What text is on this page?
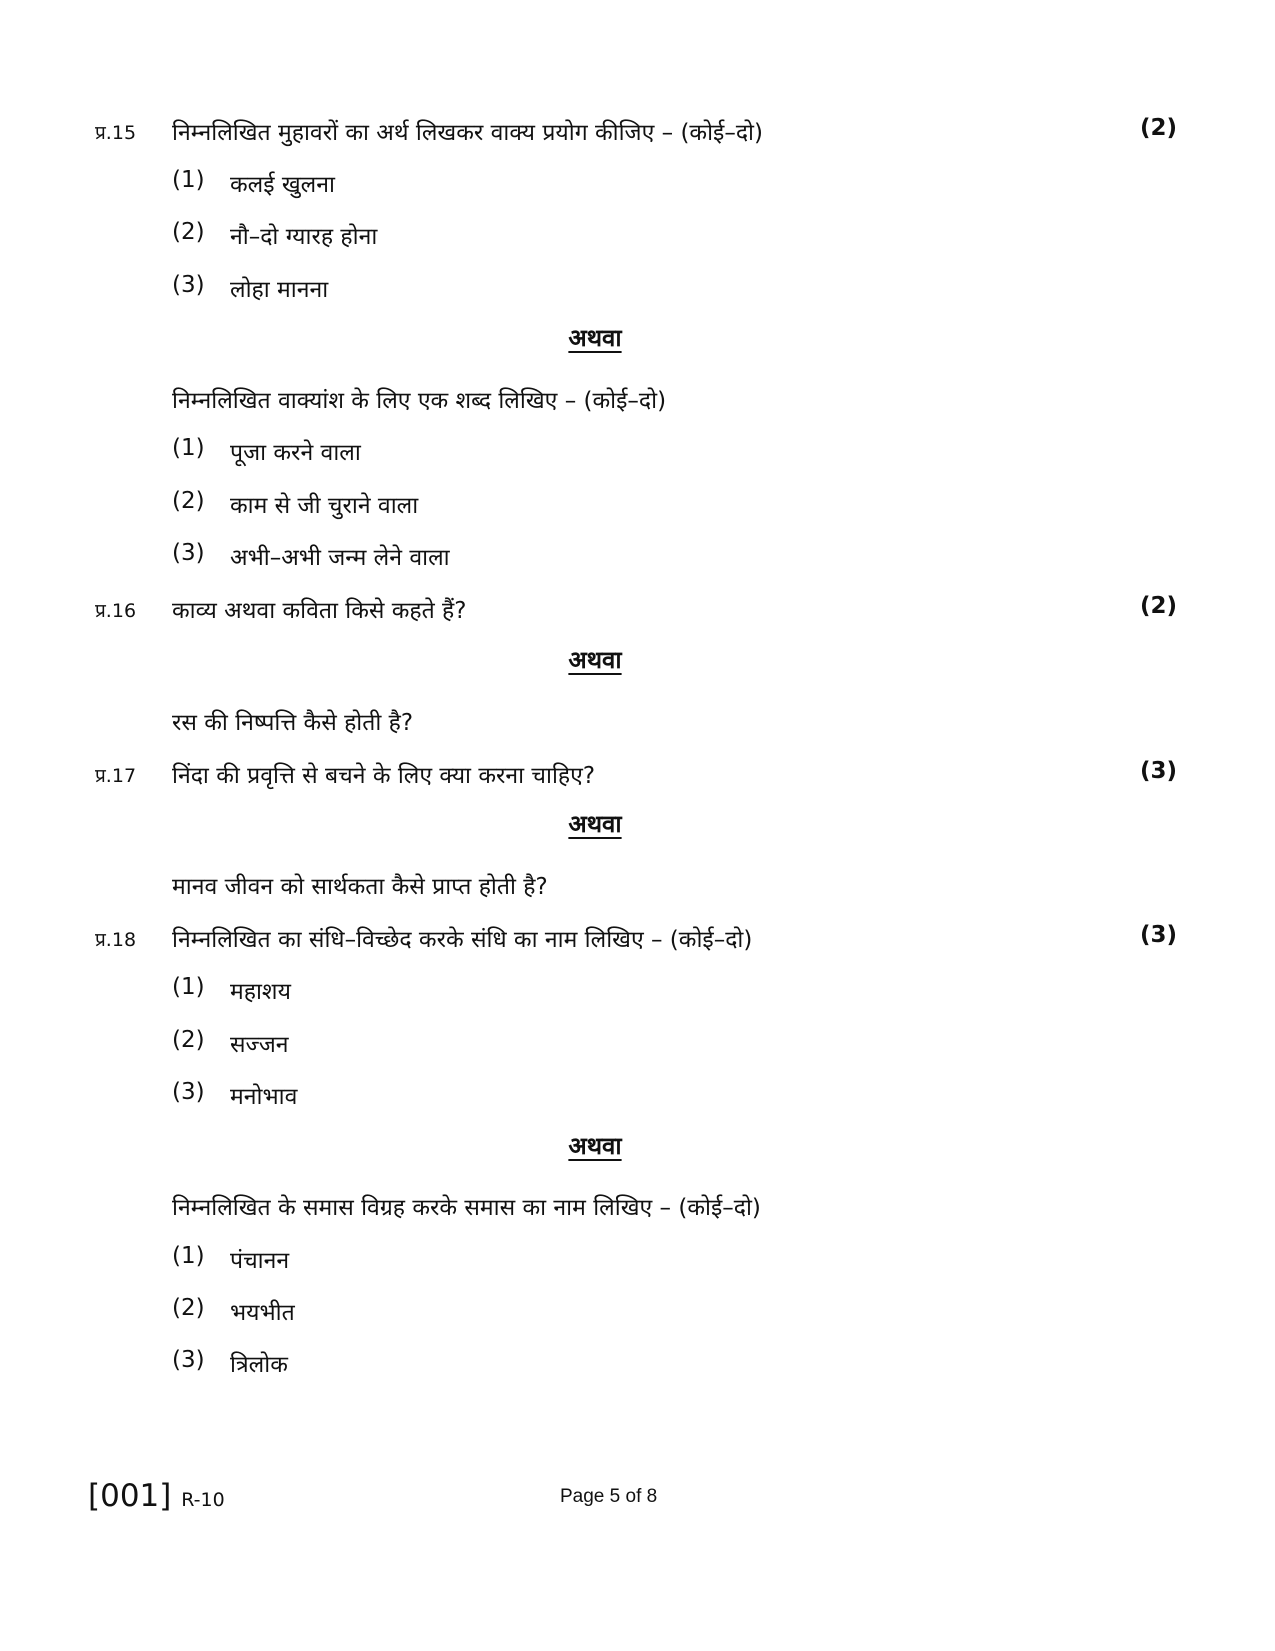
प्र.15 निम्नलिखित मुहावरों का अर्थ लिखकर वाक्य प्रयोग कीजिए – (कोई–दो)	(2)
(1) कलई खुलना
(2) नौ–दो ग्यारह होना
(3) लोहा मानना
अथवा
निम्नलिखित वाक्यांश के लिए एक शब्द लिखिए – (कोई–दो)
(1) पूजा करने वाला
(2) काम से जी चुराने वाला
(3) अभी–अभी जन्म लेने वाला
प्र.16 काव्य अथवा कविता किसे कहते हैं?	(2)
अथवा
रस की निष्पत्ति कैसे होती है?
प्र.17 निंदा की प्रवृत्ति से बचने के लिए क्या करना चाहिए?	(3)
अथवा
मानव जीवन को सार्थकता कैसे प्राप्त होती है?
प्र.18 निम्नलिखित का संधि–विच्छेद करके संधि का नाम लिखिए – (कोई–दो)	(3)
(1) महाशय
(2) सज्जन
(3) मनोभाव
अथवा
निम्नलिखित के समास विग्रह करके समास का नाम लिखिए – (कोई–दो)
(1) पंचानन
(2) भयभीत
(3) त्रिलोक
[001] R-10	Page 5 of 8
